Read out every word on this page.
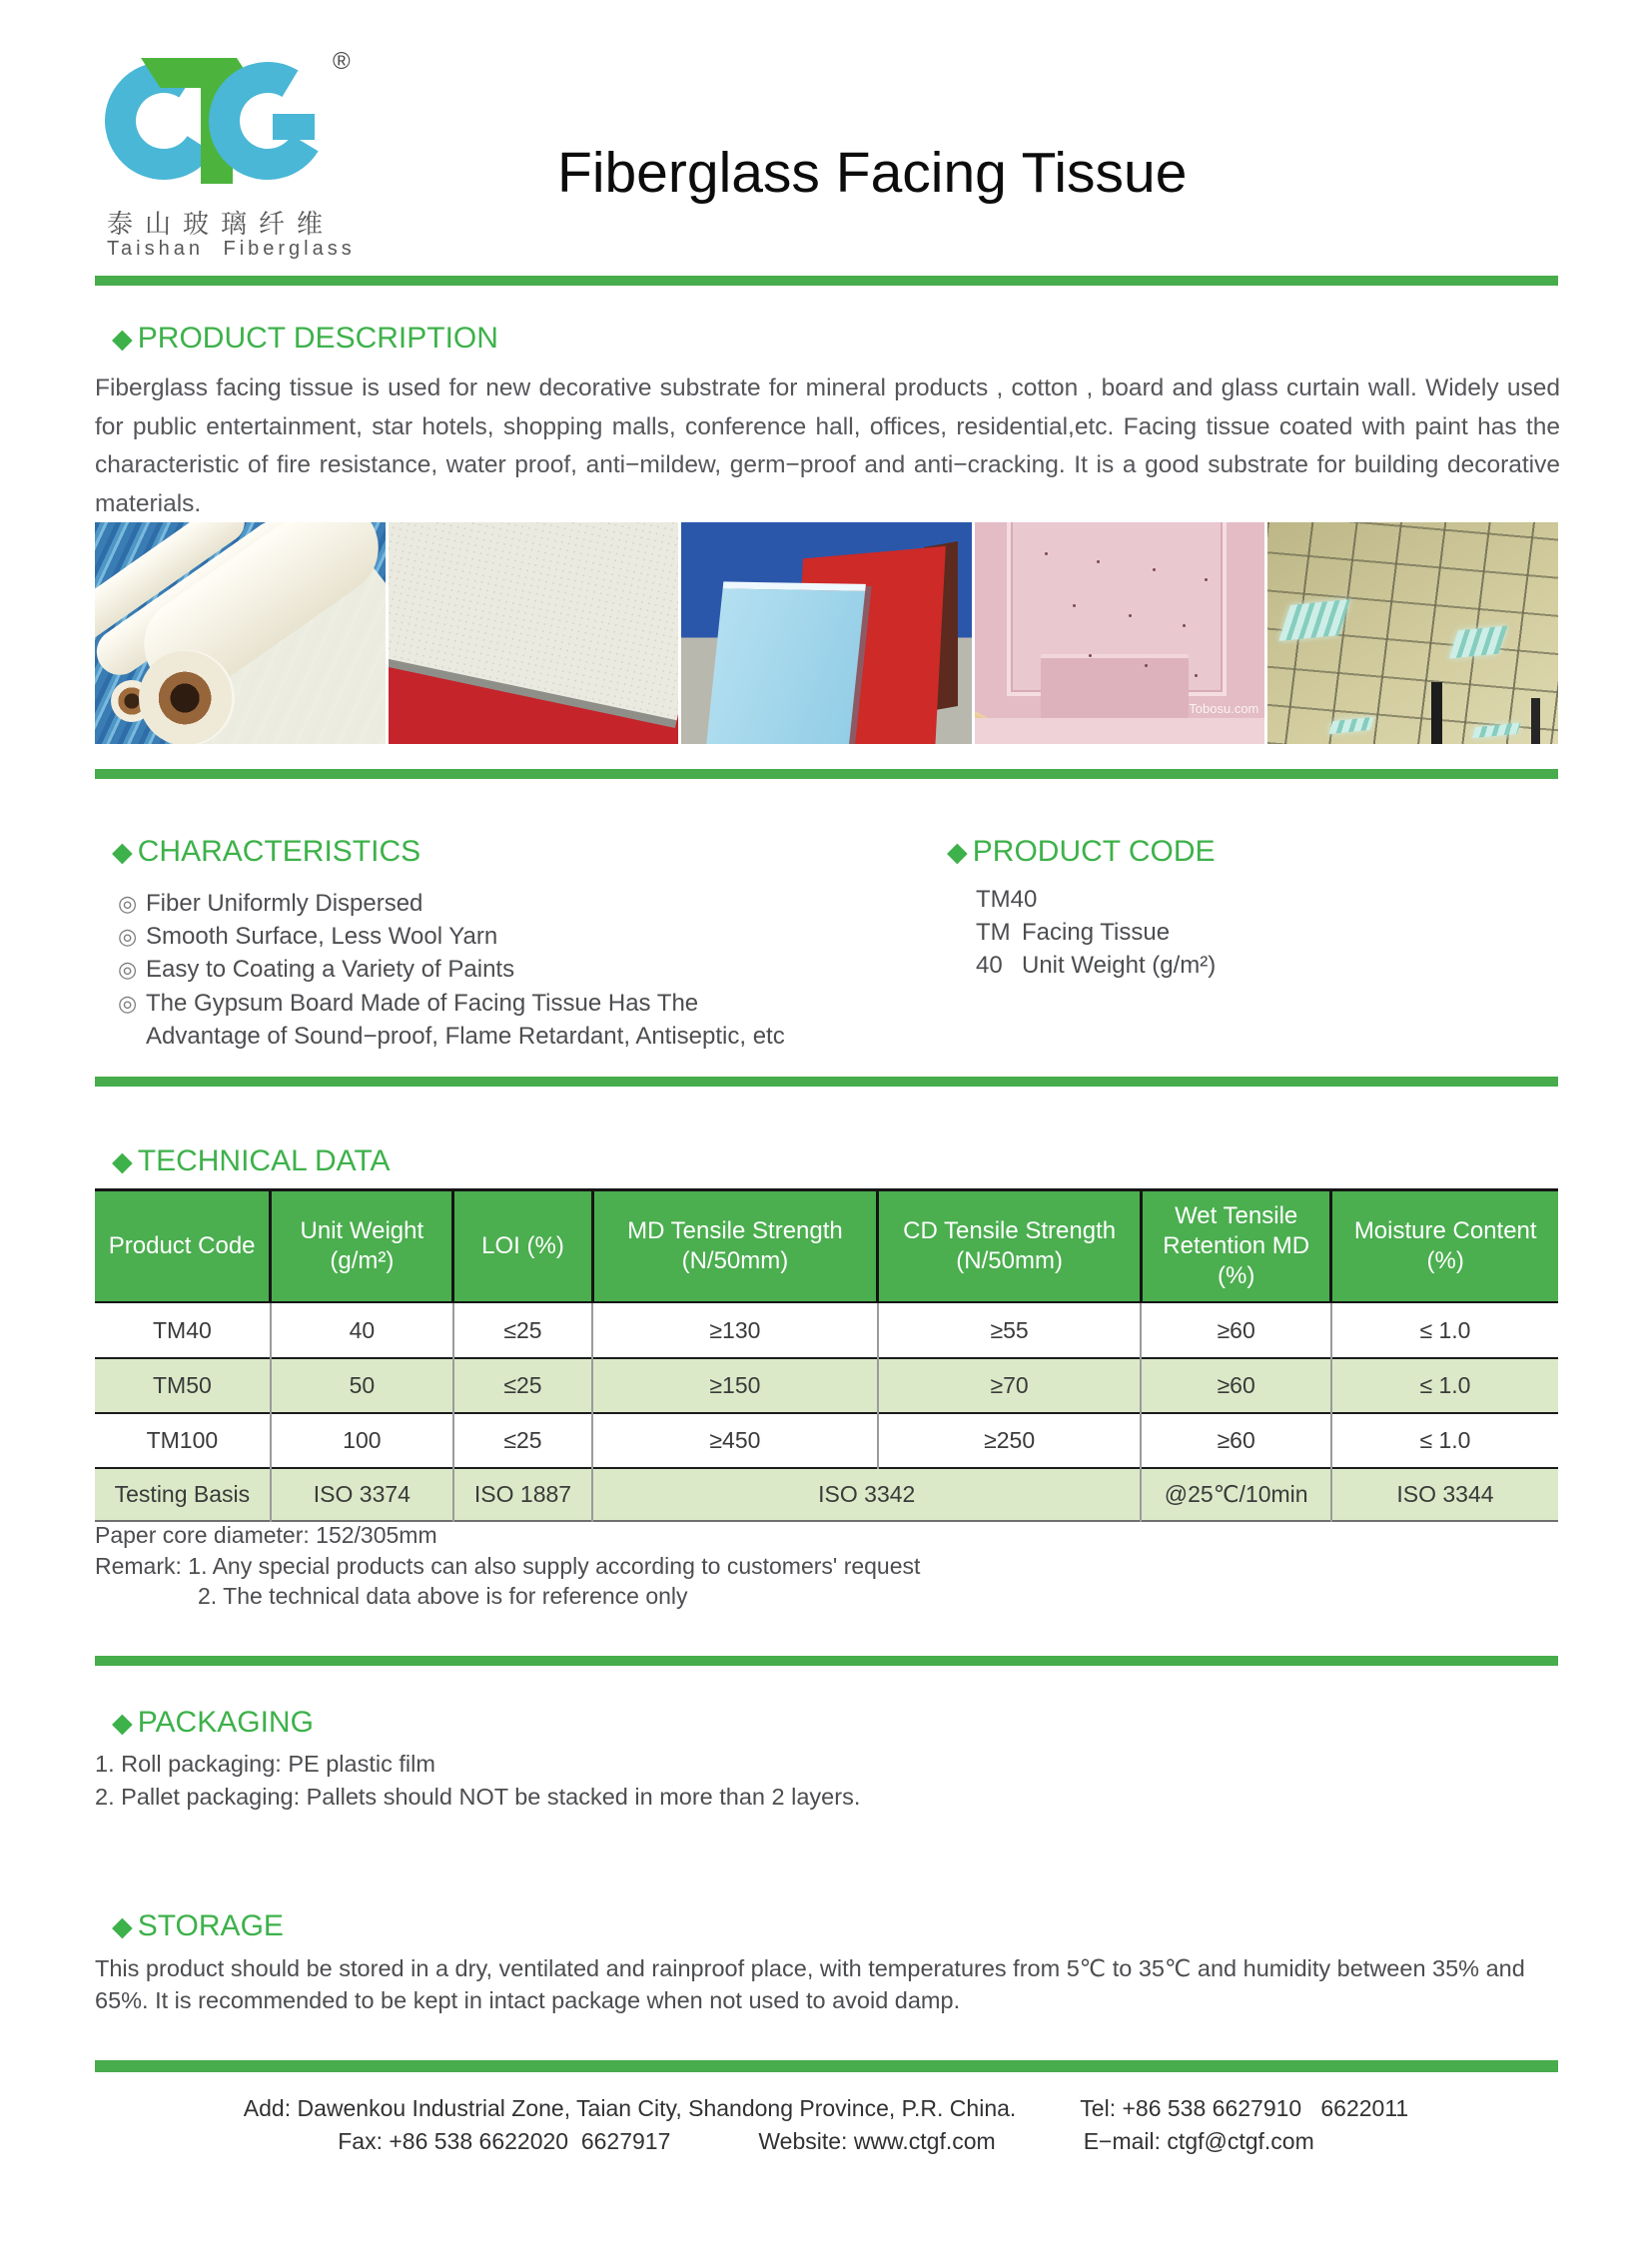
®
泰山玻璃纤维
Taishan Fiberglass
Fiberglass Facing Tissue
◆ PRODUCT DESCRIPTION
Fiberglass facing tissue is used for new decorative substrate for mineral products , cotton , board and glass curtain wall. Widely used for public entertainment, star hotels, shopping malls, conference hall, offices, residential,etc. Facing tissue coated with paint has the characteristic of fire resistance, water proof, anti−mildew, germ−proof and anti−cracking. It is a good substrate for building decorative materials.
Tobosu.com
◆ CHARACTERISTICS
◎ Fiber Uniformly Dispersed
◎ Smooth Surface, Less Wool Yarn
◎ Easy to Coating a Variety of Paints
◎ The Gypsum Board Made of Facing Tissue Has The
Advantage of Sound−proof, Flame Retardant, Antiseptic, etc
◆ PRODUCT CODE
TM40
TM Facing Tissue
40 Unit Weight (g/m²)
◆ TECHNICAL DATA
Product Code	Unit Weight (g/m²)	LOI (%)	MD Tensile Strength (N/50mm)	CD Tensile Strength (N/50mm)	Wet Tensile Retention MD (%)	Moisture Content (%)
TM40	40	≤25	≥130	≥55	≥60	≤ 1.0
TM50	50	≤25	≥150	≥70	≥60	≤ 1.0
TM100	100	≤25	≥450	≥250	≥60	≤ 1.0
Testing Basis	ISO 3374	ISO 1887	ISO 3342		@25℃/10min	ISO 3344
Paper core diameter: 152/305mm
Remark: 1. Any special products can also supply according to customers' request
2. The technical data above is for reference only
◆ PACKAGING
1. Roll packaging: PE plastic film
2. Pallet packaging: Pallets should NOT be stacked in more than 2 layers.
◆ STORAGE
This product should be stored in a dry, ventilated and rainproof place, with temperatures from 5℃ to 35℃ and humidity between 35% and 65%. It is recommended to be kept in intact package when not used to avoid damp.
Add: Dawenkou Industrial Zone, Taian City, Shandong Province, P.R. China.	Tel: +86 538 6627910   6622011
Fax: +86 538 6622020  6627917	Website: www.ctgf.com	E−mail: ctgf@ctgf.com
